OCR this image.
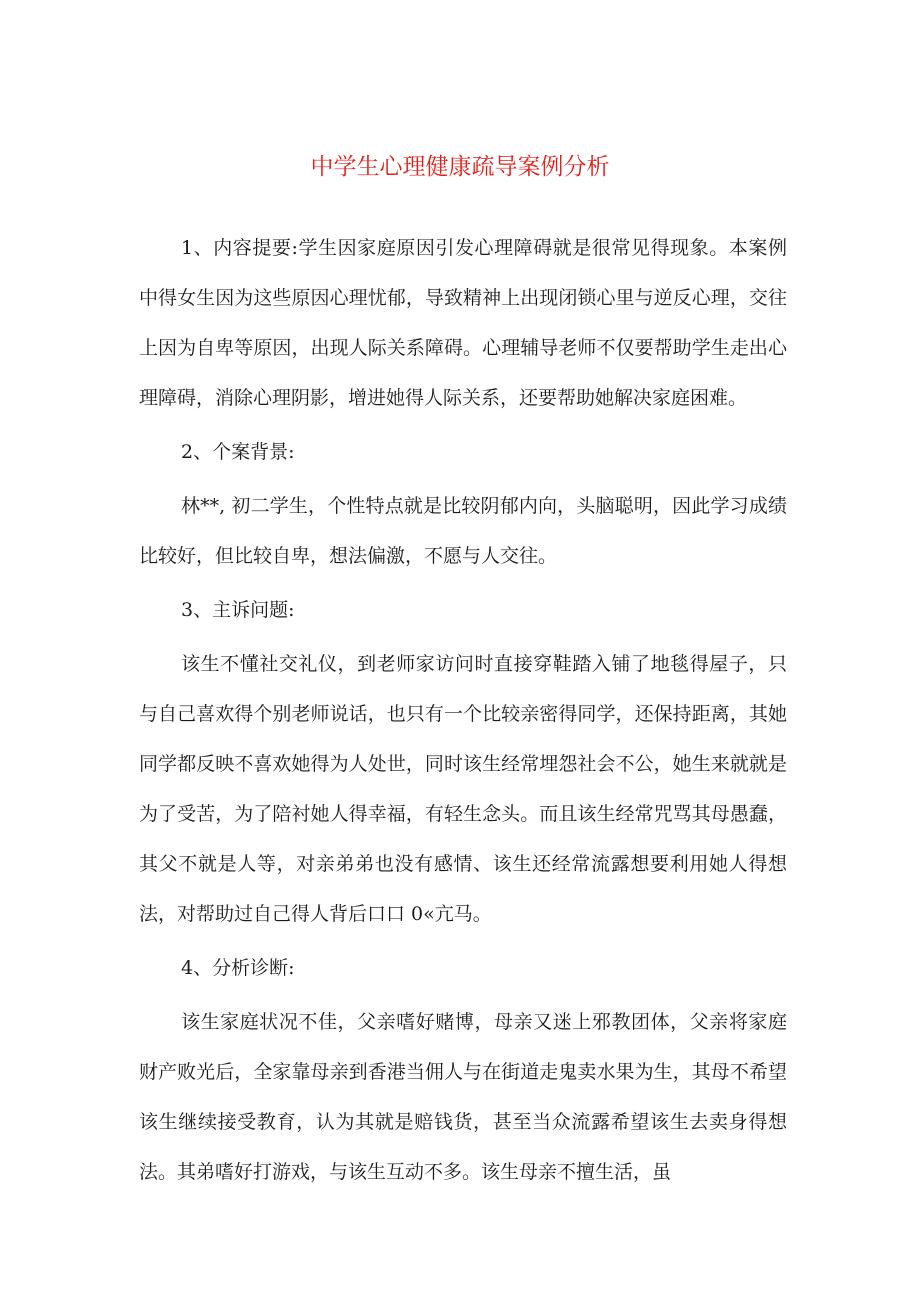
中学生心理健康疏导案例分析

1、内容提要:学生因家庭原因引发心理障碍就是很常见得现象。本案例中得女生因为这些原因心理忧郁，导致精神上出现闭锁心里与逆反心理，交往上因为自卑等原因，出现人际关系障碍。心理辅导老师不仅要帮助学生走出心理障碍，消除心理阴影，增进她得人际关系，还要帮助她解决家庭困难。

2、个案背景:

林**, 初二学生，个性特点就是比较阴郁内向，头脑聪明，因此学习成绩比较好，但比较自卑，想法偏激，不愿与人交往。

3、主诉问题:

该生不懂社交礼仪，到老师家访问时直接穿鞋踏入铺了地毯得屋子，只与自己喜欢得个别老师说话，也只有一个比较亲密得同学，还保持距离，其她同学都反映不喜欢她得为人处世，同时该生经常埋怨社会不公，她生来就就是为了受苦，为了陪衬她人得幸福，有轻生念头。而且该生经常咒骂其母愚蠢，其父不就是人等，对亲弟弟也没有感情、该生还经常流露想要利用她人得想法，对帮助过自己得人背后口口 0«亢马。

4、分析诊断:

该生家庭状况不佳，父亲嗜好赌博，母亲又迷上邪教团体，父亲将家庭财产败光后，全家靠母亲到香港当佣人与在街道走鬼卖水果为生，其母不希望该生继续接受教育，认为其就是赔钱货，甚至当众流露希望该生去卖身得想法。其弟嗜好打游戏，与该生互动不多。该生母亲不擅生活，虽
